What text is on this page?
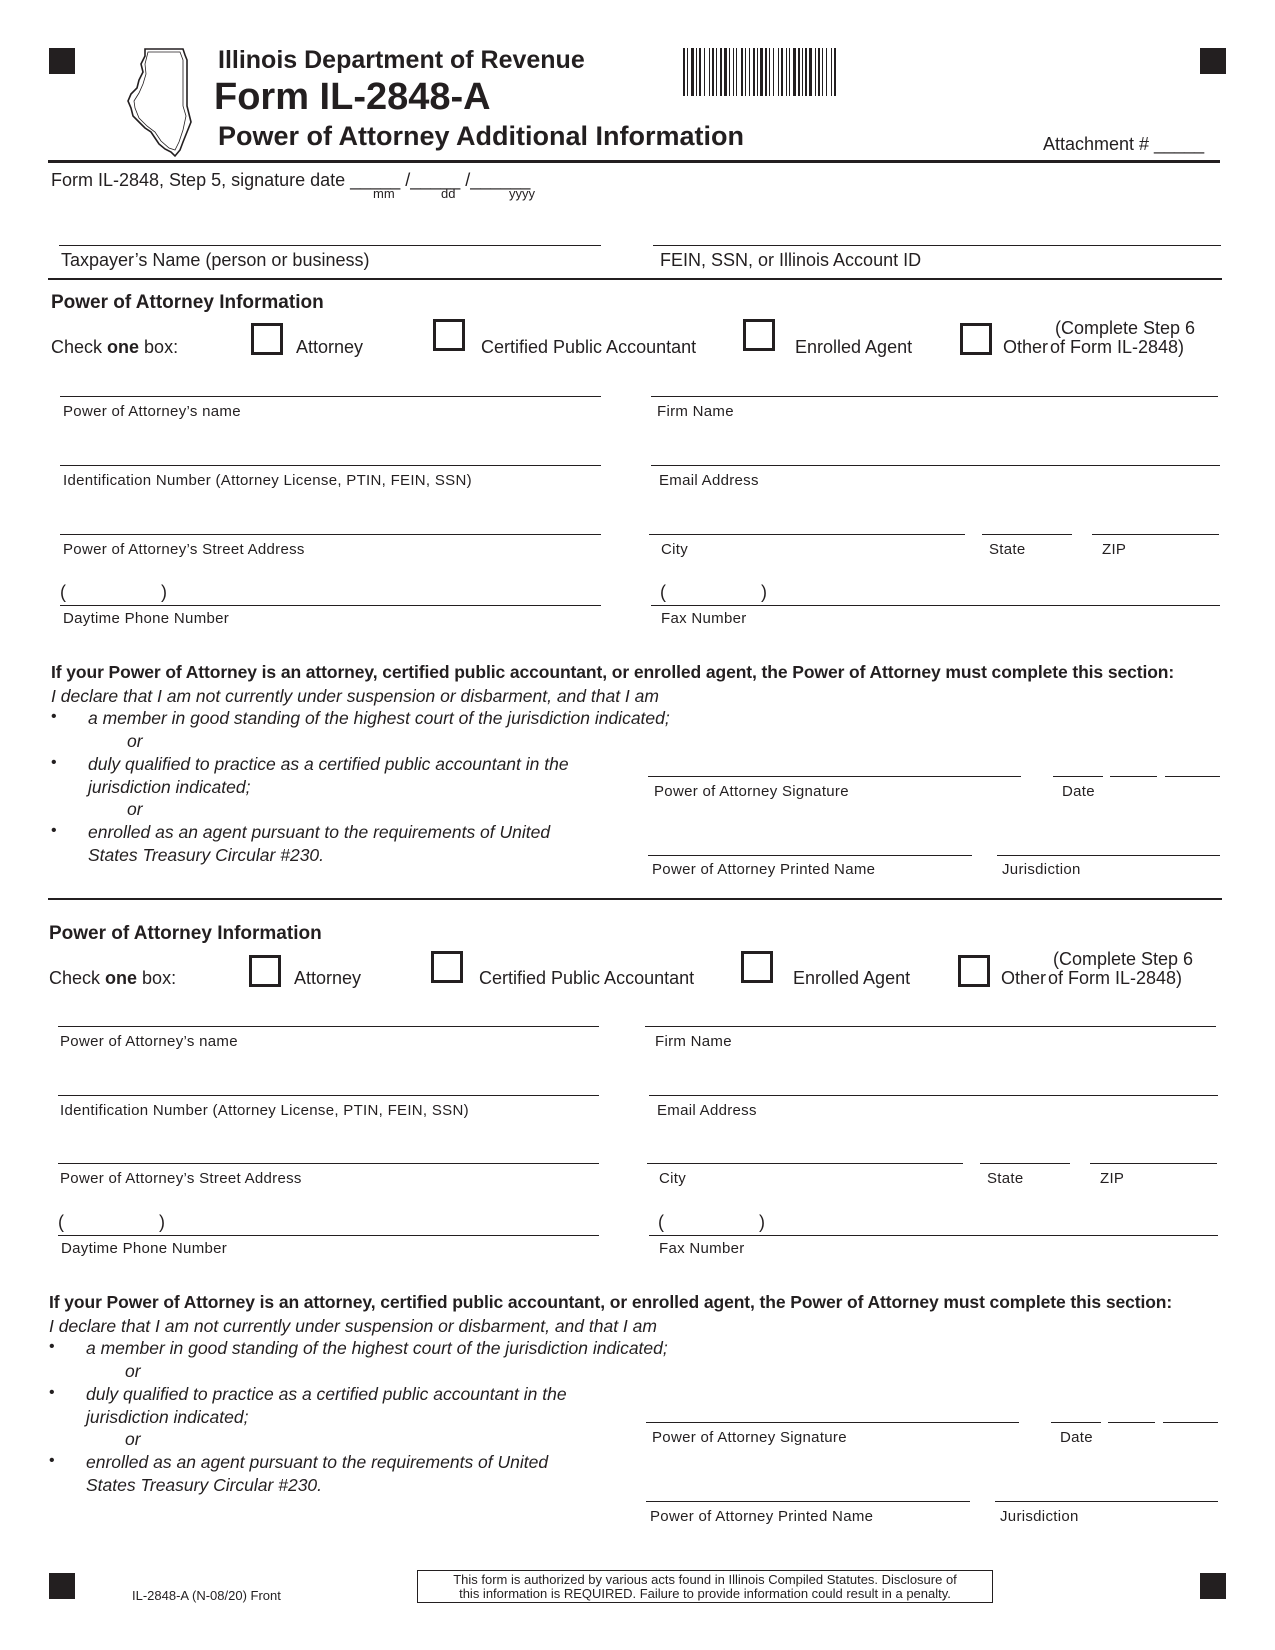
Illinois Department of Revenue
Form IL-2848-A
Power of Attorney Additional Information	Attachment # _____
Form IL-2848, Step 5, signature date _____ /_____ /______
mm	dd	yyyy
Taxpayer’s Name (person or business)	FEIN, SSN, or Illinois Account ID
Power of Attorney Information
Check one box:	Attorney	Certified Public Accountant	Enrolled Agent
(Complete Step 6
Other of Form IL-2848)
Power of Attorney’s name	Firm Name
Identification Number (Attorney License, PTIN, FEIN, SSN)	Email Address
Power of Attorney’s Street Address	City	State	ZIP
(                   )	(                   )
Daytime Phone Number	Fax Number
If your Power of Attorney is an attorney, certified public accountant, or enrolled agent, the Power of Attorney must complete this section:
I declare that I am not currently under suspension or disbarment, and that I am
• a member in good standing of the highest court of the jurisdiction indicated;
or
• duly qualified to practice as a certified public accountant in the
jurisdiction indicated;
or
• enrolled as an agent pursuant to the requirements of United
States Treasury Circular #230.
Power of Attorney Signature	Date
Power of Attorney Printed Name	Jurisdiction
Power of Attorney Information
Check one box:	Attorney	Certified Public Accountant	Enrolled Agent
(Complete Step 6
Other of Form IL-2848)
Power of Attorney’s name	Firm Name
Identification Number (Attorney License, PTIN, FEIN, SSN)	Email Address
Power of Attorney’s Street Address	City	State	ZIP
(                   )	(                   )
Daytime Phone Number	Fax Number
If your Power of Attorney is an attorney, certified public accountant, or enrolled agent, the Power of Attorney must complete this section:
I declare that I am not currently under suspension or disbarment, and that I am
• a member in good standing of the highest court of the jurisdiction indicated;
or
• duly qualified to practice as a certified public accountant in the
jurisdiction indicated;
or
• enrolled as an agent pursuant to the requirements of United
States Treasury Circular #230.
Power of Attorney Signature	Date
Power of Attorney Printed Name	Jurisdiction
IL-2848-A (N-08/20) Front
This form is authorized by various acts found in Illinois Compiled Statutes. Disclosure of
this information is REQUIRED. Failure to provide information could result in a penalty.
